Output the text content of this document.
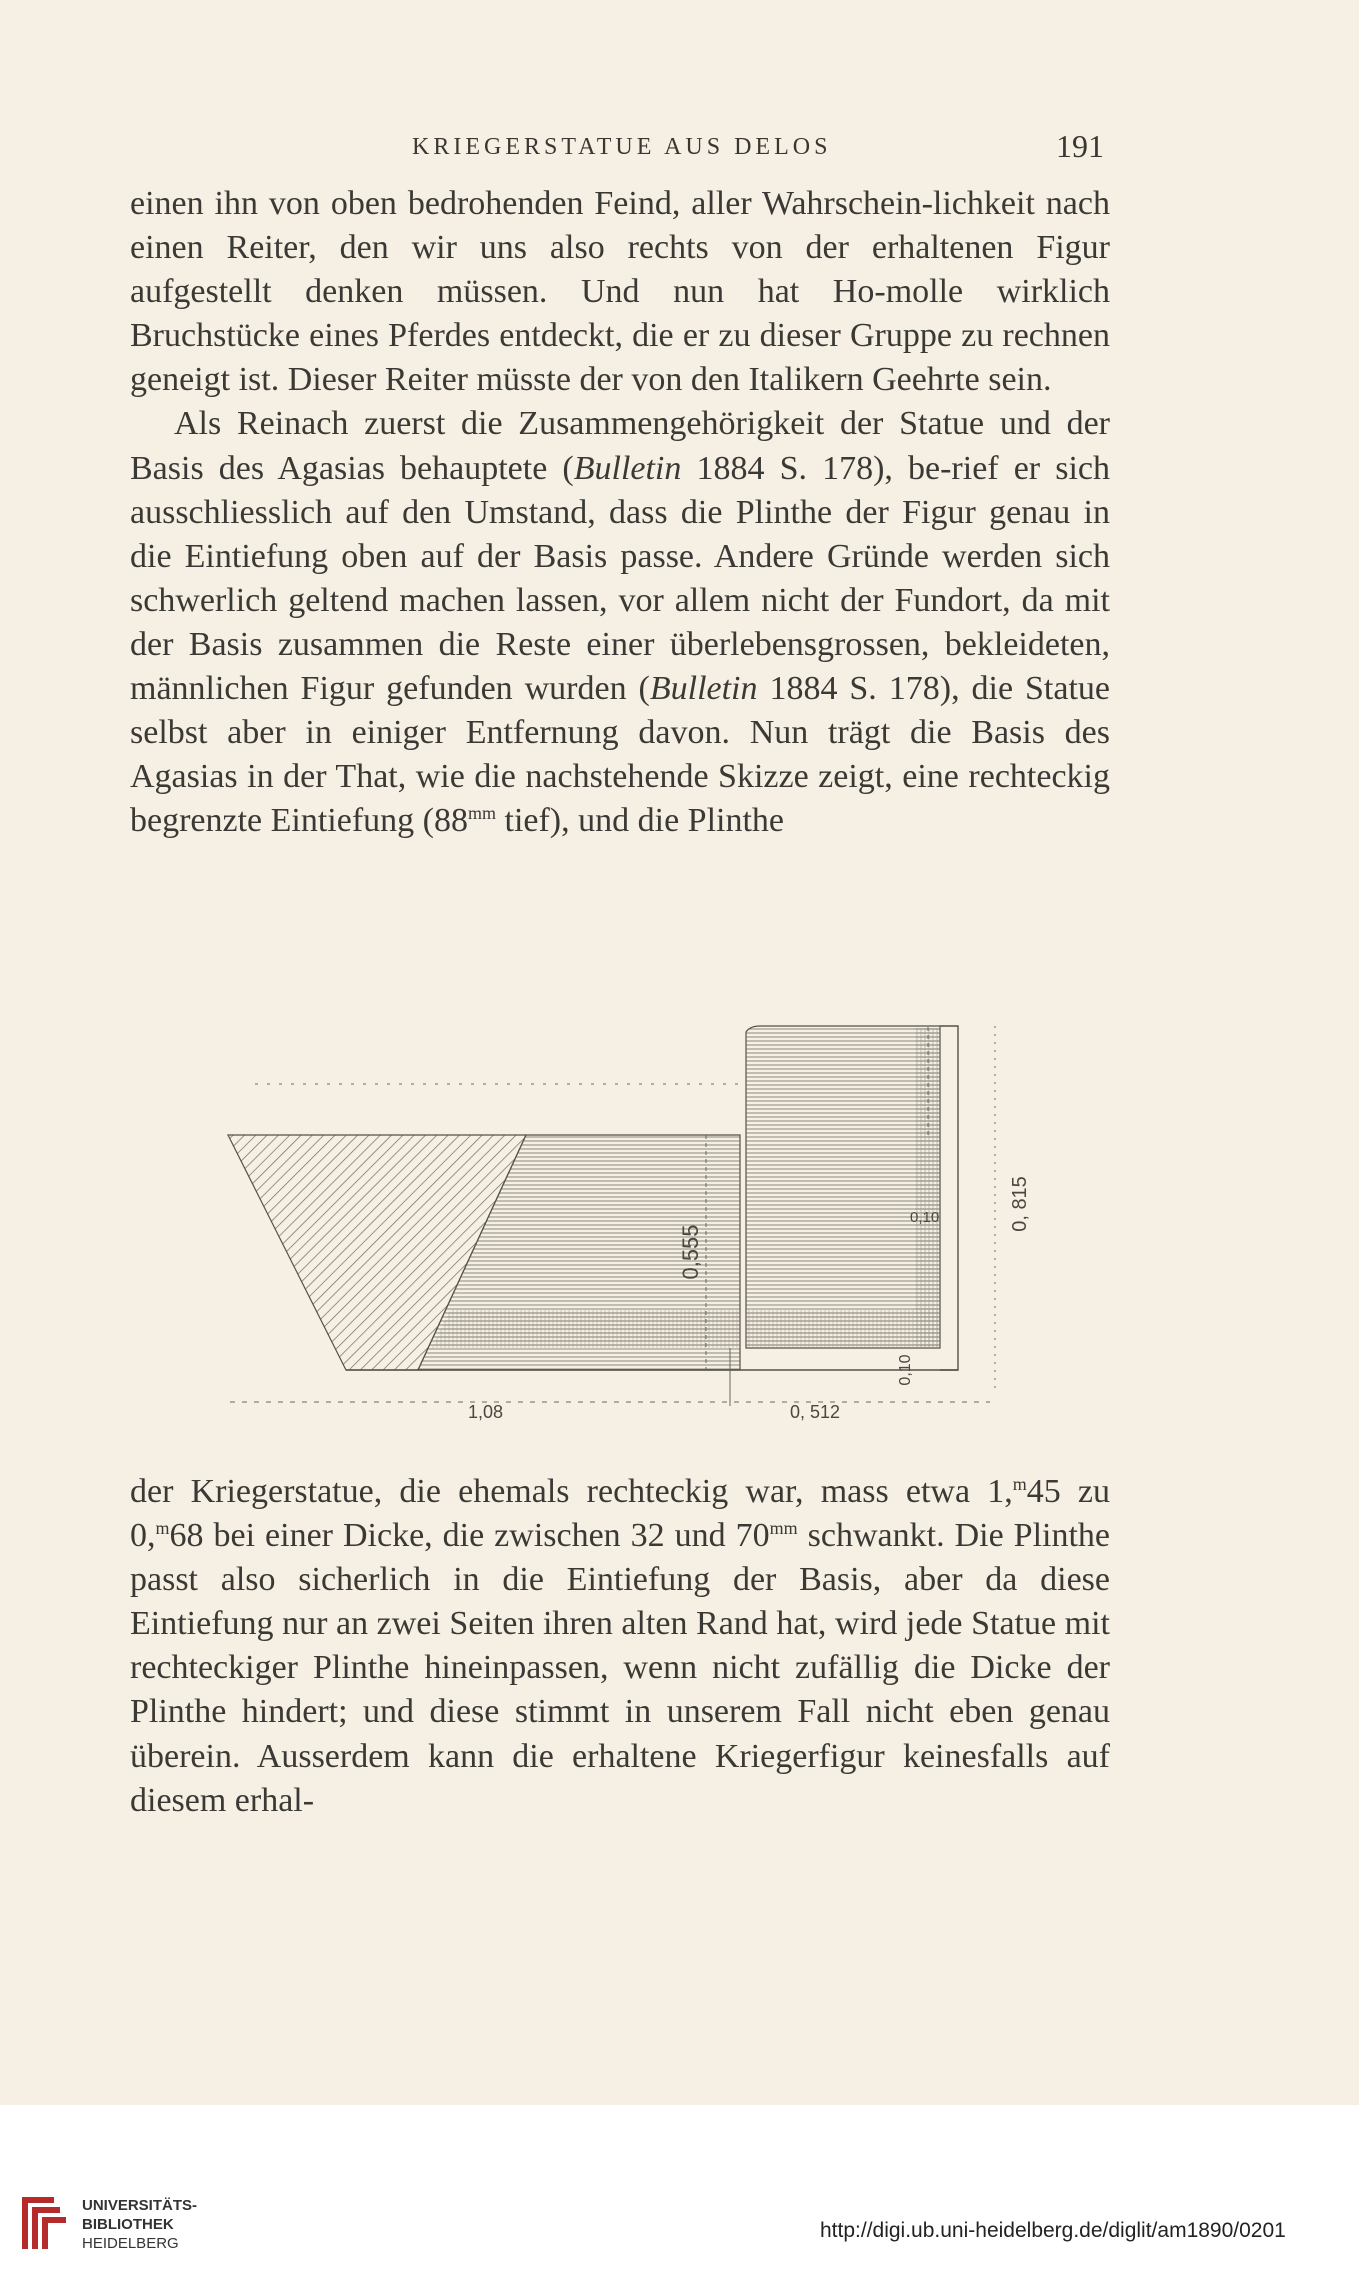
KRIEGERSTATUE AUS DELOS	191

einen ihn von oben bedrohenden Feind, aller Wahrschein-lichkeit nach einen Reiter, den wir uns also rechts von der erhaltenen Figur aufgestellt denken müssen. Und nun hat Ho-molle wirklich Bruchstücke eines Pferdes entdeckt, die er zu dieser Gruppe zu rechnen geneigt ist. Dieser Reiter müsste der von den Italikern Geehrte sein.

Als Reinach zuerst die Zusammengehörigkeit der Statue und der Basis des Agasias behauptete (Bulletin 1884 S. 178), be-rief er sich ausschliesslich auf den Umstand, dass die Plinthe der Figur genau in die Eintiefung oben auf der Basis passe. Andere Gründe werden sich schwerlich geltend machen lassen, vor allem nicht der Fundort, da mit der Basis zusammen die Reste einer überlebensgrossen, bekleideten, männlichen Figur gefunden wurden (Bulletin 1884 S. 178), die Statue selbst aber in einiger Entfernung davon. Nun trägt die Basis des Agasias in der That, wie die nachstehende Skizze zeigt, eine rechteckig begrenzte Eintiefung ($88^{mm}$ tief), und die Plinthe

0,555
0,10	0, 815
0,10
1,08	0, 512

der Kriegerstatue, die ehemals rechteckig war, mass etwa 1,$^m$45 zu 0,$^m$68 bei einer Dicke, die zwischen 32 und $70^{mm}$ schwankt. Die Plinthe passt also sicherlich in die Eintiefung der Basis, aber da diese Eintiefung nur an zwei Seiten ihren alten Rand hat, wird jede Statue mit rechteckiger Plinthe hineinpassen, wenn nicht zufällig die Dicke der Plinthe hindert; und diese stimmt in unserem Fall nicht eben genau überein. Ausserdem kann die erhaltene Kriegerfigur keinesfalls auf diesem erhal-

UNIVERSITÄTS-
BIBLIOTHEK
HEIDELBERG
http://digi.ub.uni-heidelberg.de/diglit/am1890/0201
